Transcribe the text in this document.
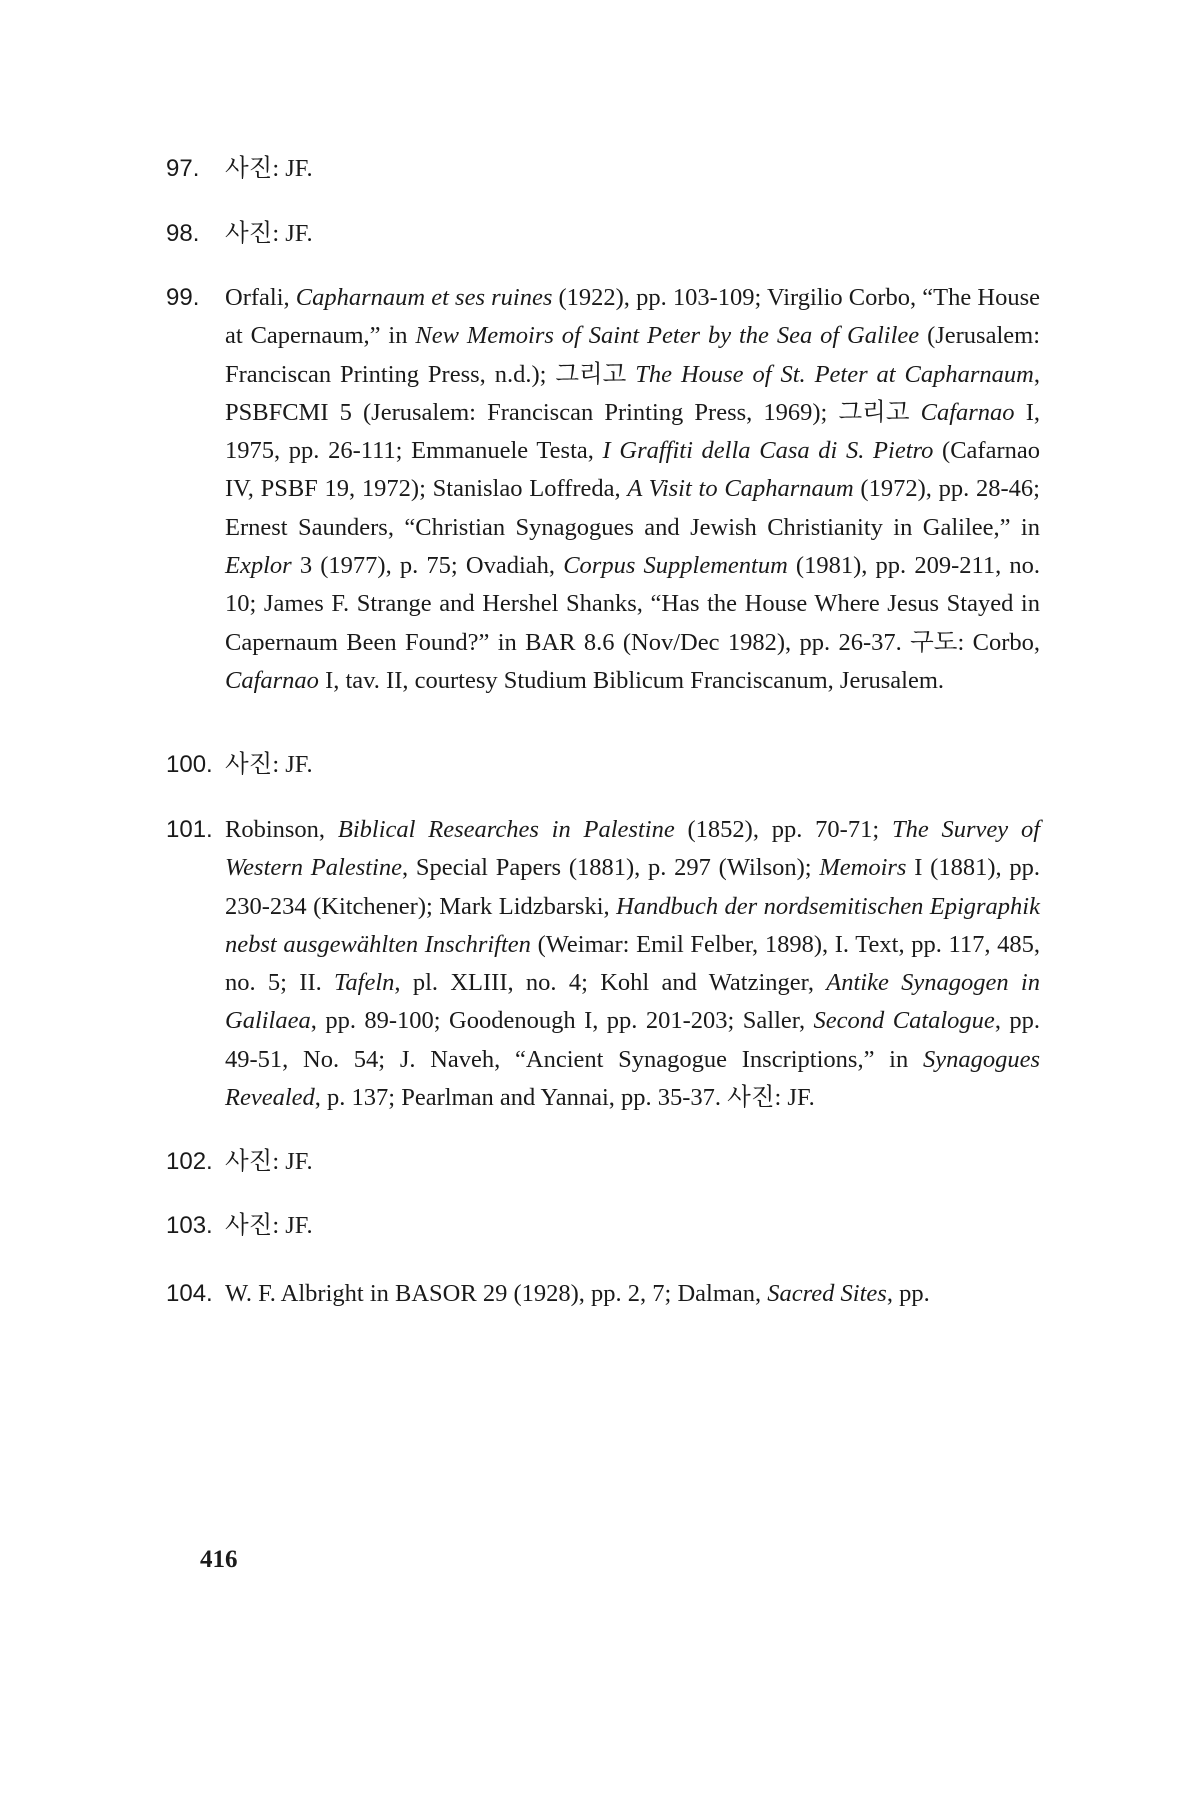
97. 사진: JF.
98. 사진: JF.
99. Orfali, Capharnaum et ses ruines (1922), pp. 103-109; Virgilio Corbo, “The House at Capernaum,” in New Memoirs of Saint Peter by the Sea of Galilee (Jerusalem: Franciscan Printing Press, n.d.); 그리고 The House of St. Peter at Capharnaum, PSBFCMI 5 (Jerusalem: Franciscan Printing Press, 1969); 그리고 Cafarnao I, 1975, pp. 26-111; Emmanuele Testa, I Graffiti della Casa di S. Pietro (Cafarnao IV, PSBF 19, 1972); Stanislao Loffreda, A Visit to Capharnaum (1972), pp. 28-46; Ernest Saunders, “Christian Synagogues and Jewish Christianity in Galilee,” in Explor 3 (1977), p. 75; Ovadiah, Corpus Supplementum (1981), pp. 209-211, no. 10; James F. Strange and Hershel Shanks, “Has the House Where Jesus Stayed in Capernaum Been Found?” in BAR 8.6 (Nov/Dec 1982), pp. 26-37. 구도: Corbo, Cafarnao I, tav. II, courtesy Studium Biblicum Franciscanum, Jerusalem.
100. 사진: JF.
101. Robinson, Biblical Researches in Palestine (1852), pp. 70-71; The Survey of Western Palestine, Special Papers (1881), p. 297 (Wilson); Memoirs I (1881), pp. 230-234 (Kitchener); Mark Lidzbarski, Handbuch der nordsemitischen Epigraphik nebst ausgewählten Inschriften (Weimar: Emil Felber, 1898), I. Text, pp. 117, 485, no. 5; II. Tafeln, pl. XLIII, no. 4; Kohl and Watzinger, Antike Synagogen in Galilaea, pp. 89-100; Goodenough I, pp. 201-203; Saller, Second Catalogue, pp. 49-51, No. 54; J. Naveh, “Ancient Synagogue Inscriptions,” in Synagogues Revealed, p. 137; Pearlman and Yannai, pp. 35-37. 사진: JF.
102. 사진: JF.
103. 사진: JF.
104. W. F. Albright in BASOR 29 (1928), pp. 2, 7; Dalman, Sacred Sites, pp.
416
